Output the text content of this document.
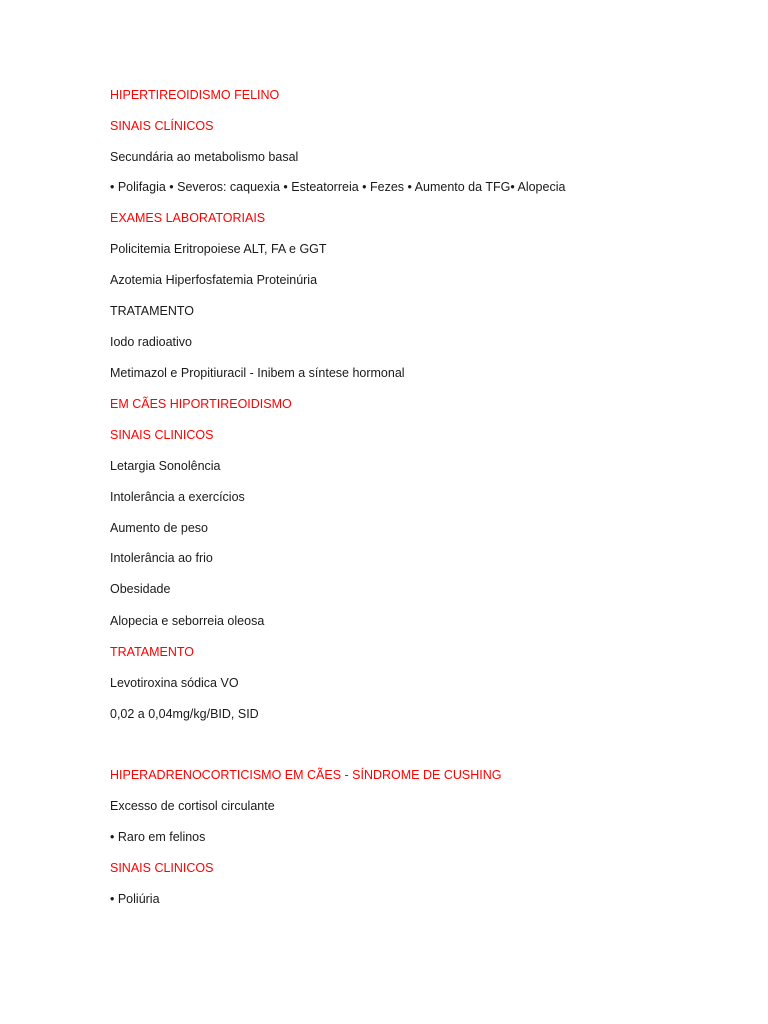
HIPERTIREOIDISMO FELINO
SINAIS CLÍNICOS
Secundária ao metabolismo basal
• Polifagia • Severos: caquexia • Esteatorreia • Fezes • Aumento da TFG• Alopecia
EXAMES LABORATORIAIS
Policitemia Eritropoiese ALT, FA e GGT
Azotemia Hiperfosfatemia Proteinúria
TRATAMENTO
Iodo radioativo
Metimazol e Propitiuracil - Inibem a síntese hormonal
EM CÃES HIPORTIREOIDISMO
SINAIS CLINICOS
Letargia Sonolência
Intolerância a exercícios
Aumento de peso
Intolerância ao frio
Obesidade
Alopecia e seborreia oleosa
TRATAMENTO
Levotiroxina sódica VO
0,02 a 0,04mg/kg/BID, SID
HIPERADRENOCORTICISMO EM CÃES - SÍNDROME DE CUSHING
Excesso de cortisol circulante
• Raro em felinos
SINAIS CLINICOS
• Poliúria
